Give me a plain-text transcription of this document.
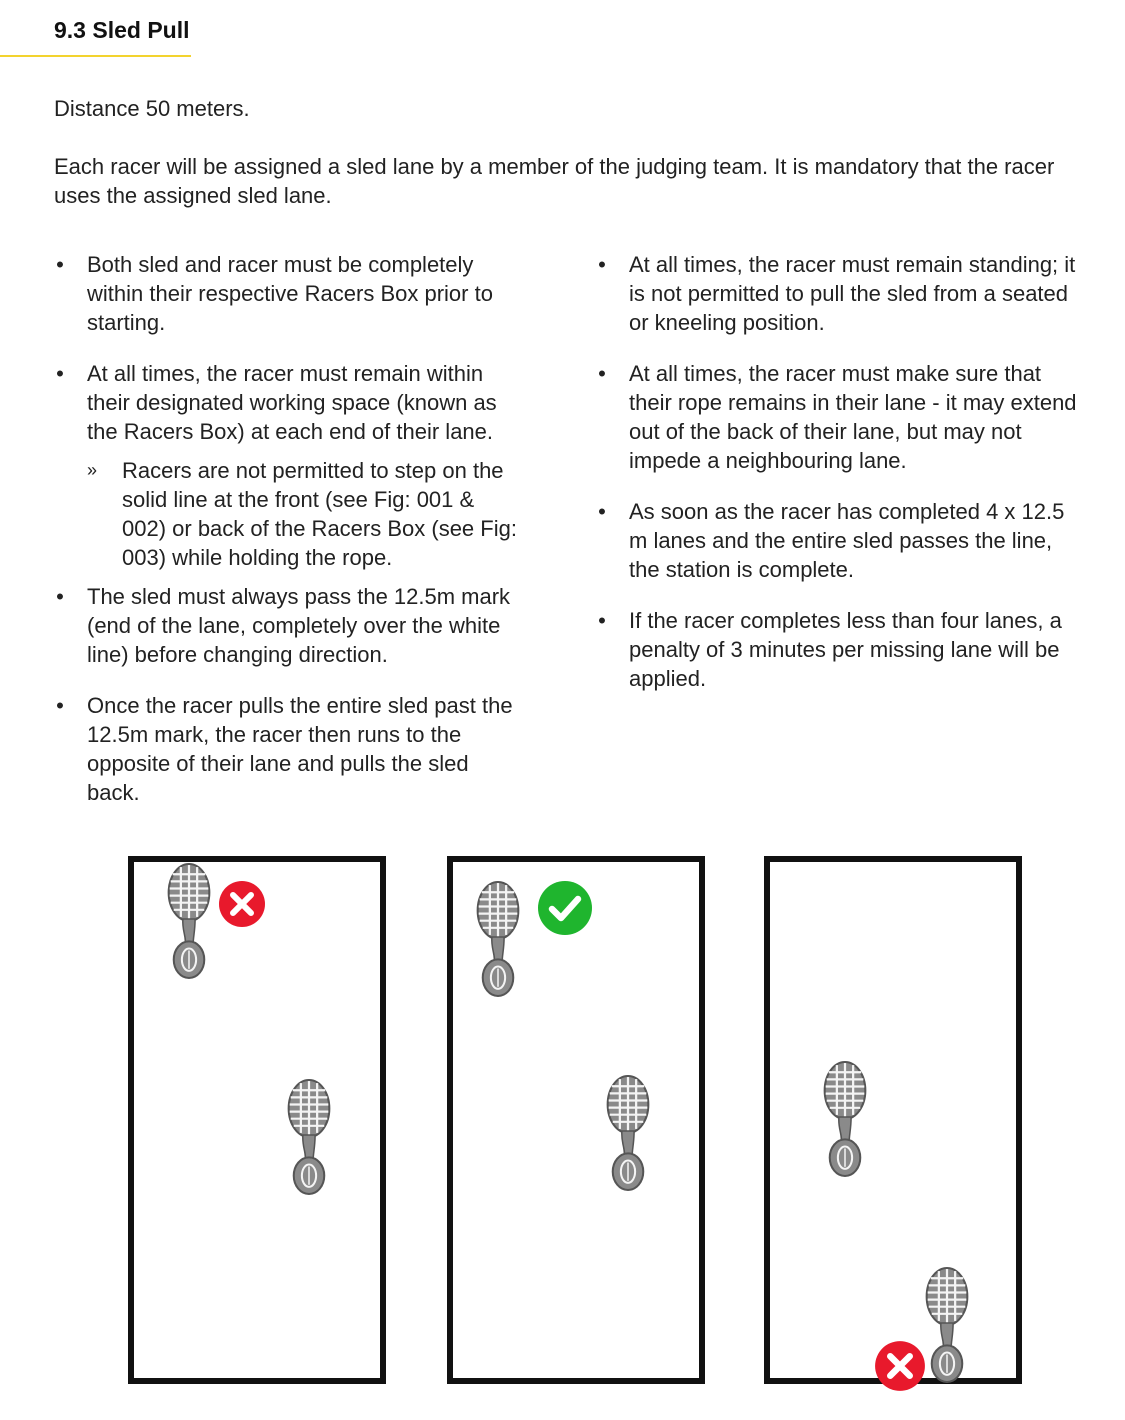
9.3 Sled Pull
Distance 50 meters.
Each racer will be assigned a sled lane by a member of the judging team. It is mandatory that the racer uses the assigned sled lane.
• Both sled and racer must be completely within their respective Racers Box prior to starting.
• At all times, the racer must remain within their designated working space (known as the Racers Box) at each end of their lane.
» Racers are not permitted to step on the solid line at the front (see Fig: 001 & 002) or back of the Racers Box (see Fig: 003) while holding the rope.
• The sled must always pass the 12.5m mark (end of the lane, completely over the white line) before changing direction.
• Once the racer pulls the entire sled past the 12.5m mark, the racer then runs to the opposite of their lane and pulls the sled back.
• At all times, the racer must remain standing; it is not permitted to pull the sled from a seated or kneeling position.
• At all times, the racer must make sure that their rope remains in their lane - it may extend out of the back of their lane, but may not impede a neighbouring lane.
• As soon as the racer has completed 4 x 12.5 m lanes and the entire sled passes the line, the station is complete.
• If the racer completes less than four lanes, a penalty of 3 minutes per missing lane will be applied.
